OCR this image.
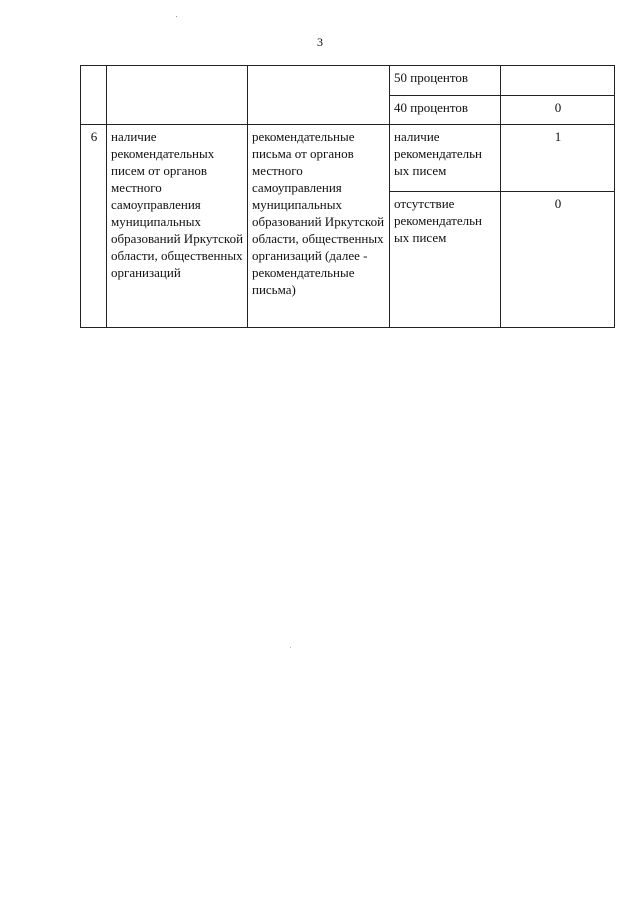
3
			50 процентов	
			40 процентов	0
6	наличие рекомендательных писем от органов местного самоуправления муниципальных образований Иркутской области, общественных организаций	рекомендательные письма от органов местного самоуправления муниципальных образований Иркутской области, общественных организаций (далее - рекомендательные письма)	наличие рекомендательн ых писем	1
			отсутствие рекомендательн ых писем	0
